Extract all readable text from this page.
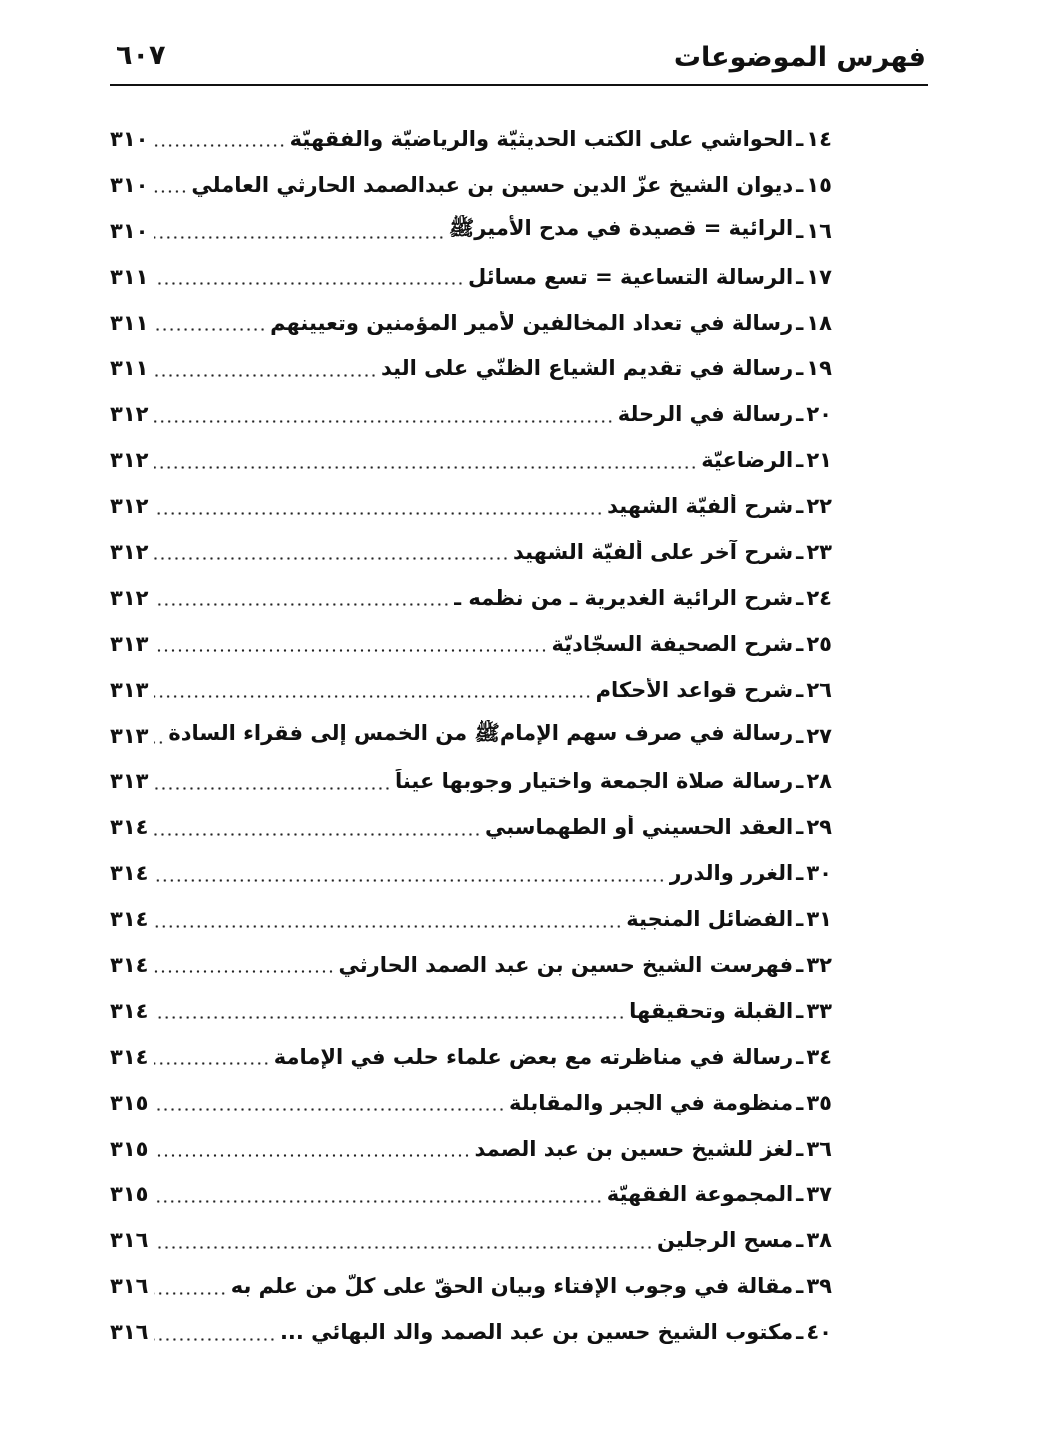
فهرس الموضوعات
٦٠٧
١٤
ـ
الحواشي على الكتب الحديثيّة والرياضيّة والفقهيّة
٣١٠
١٥
ـ
ديوان الشيخ عزّ الدين حسين بن عبدالصمد الحارثي العاملي
٣١٠
١٦
ـ
الرائية = قصيدة في مدح الأميرﷺ
٣١٠
١٧
ـ
الرسالة التساعية = تسع مسائل
٣١١
١٨
ـ
رسالة في تعداد المخالفين لأمير المؤمنين وتعيينهم
٣١١
١٩
ـ
رسالة في تقديم الشياع الظنّي على اليد
٣١١
٢٠
ـ
رسالة في الرحلة
٣١٢
٢١
ـ
الرضاعيّة
٣١٢
٢٢
ـ
شرح ألفيّة الشهيد
٣١٢
٢٣
ـ
شرح آخر على ألفيّة الشهيد
٣١٢
٢٤
ـ
شرح الرائية الغديرية ـ من نظمه ـ
٣١٢
٢٥
ـ
شرح الصحيفة السجّاديّة
٣١٣
٢٦
ـ
شرح قواعد الأحكام
٣١٣
٢٧
ـ
رسالة في صرف سهم الإمامﷺ من الخمس إلى فقراء السادة
٣١٣
٢٨
ـ
رسالة صلاة الجمعة واختيار وجوبها عيناً
٣١٣
٢٩
ـ
العقد الحسيني أو الطهماسبي
٣١٤
٣٠
ـ
الغرر والدرر
٣١٤
٣١
ـ
الفضائل المنجية
٣١٤
٣٢
ـ
فهرست الشيخ حسين بن عبد الصمد الحارثي
٣١٤
٣٣
ـ
القبلة وتحقيقها
٣١٤
٣٤
ـ
رسالة في مناظرته مع بعض علماء حلب في الإمامة
٣١٤
٣٥
ـ
منظومة في الجبر والمقابلة
٣١٥
٣٦
ـ
لغز للشيخ حسين بن عبد الصمد
٣١٥
٣٧
ـ
المجموعة الفقهيّة
٣١٥
٣٨
ـ
مسح الرجلين
٣١٦
٣٩
ـ
مقالة في وجوب الإفتاء وبيان الحقّ على كلّ من علم به
٣١٦
٤٠
ـ
مكتوب الشيخ حسين بن عبد الصمد والد البهائي ...
٣١٦
